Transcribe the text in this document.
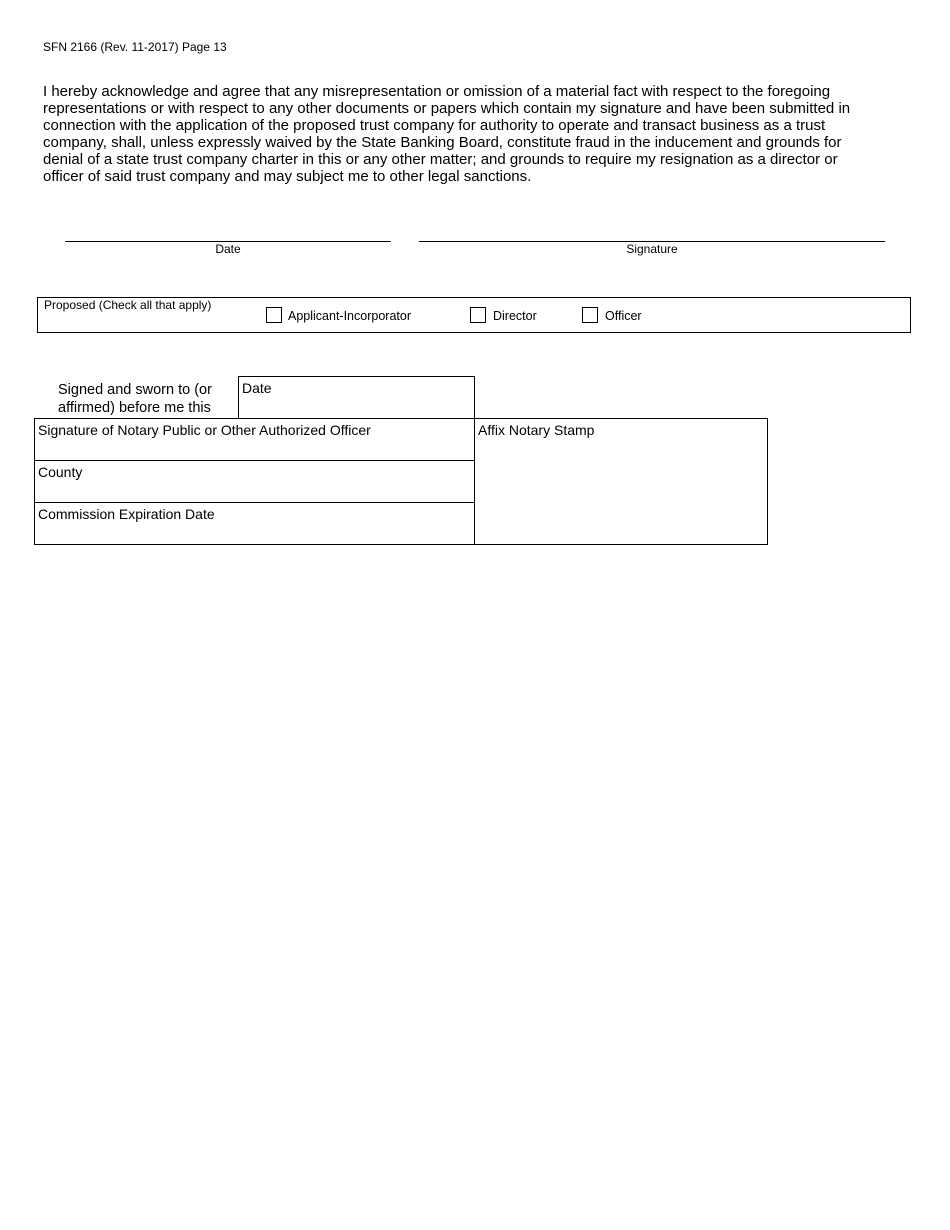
SFN 2166 (Rev. 11-2017) Page 13
I hereby acknowledge and agree that any misrepresentation or omission of a material fact with respect to the foregoing representations or with respect to any other documents or papers which contain my signature and have been submitted in connection with the application of the proposed trust company for authority to operate and transact business as a trust company, shall, unless expressly waived by the State Banking Board, constitute fraud in the inducement and grounds for denial of a state trust company charter in this or any other matter; and grounds to require my resignation as a director or officer of said trust company and may subject me to other legal sanctions.
Date	Signature
Proposed (Check all that apply)
Applicant-Incorporator	Director	Officer
Signed and sworn to (or
affirmed) before me this
Date
Signature of Notary Public or Other Authorized Officer
County
Commission Expiration Date
Affix Notary Stamp
